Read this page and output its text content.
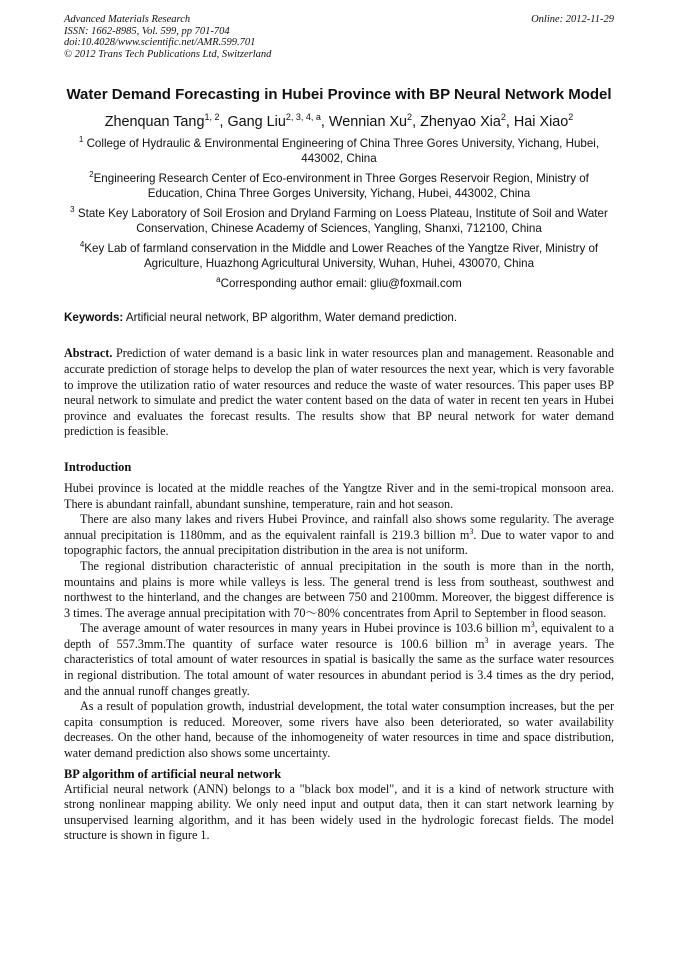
Advanced Materials Research	Online: 2012-11-29
ISSN: 1662-8985, Vol. 599, pp 701-704
doi:10.4028/www.scientific.net/AMR.599.701
© 2012 Trans Tech Publications Ltd, Switzerland
Water Demand Forecasting in Hubei Province with BP Neural Network Model
Zhenquan Tang$^{1, 2}$, Gang Liu$^{2, 3, 4, a}$, Wennian Xu$^2$, Zhenyao Xia$^2$, Hai Xiao$^2$
$^1$ College of Hydraulic & Environmental Engineering of China Three Gores University, Yichang, Hubei, 443002, China
$^2$Engineering Research Center of Eco-environment in Three Gorges Reservoir Region, Ministry of Education, China Three Gorges University, Yichang, Hubei, 443002, China
$^3$ State Key Laboratory of Soil Erosion and Dryland Farming on Loess Plateau, Institute of Soil and Water Conservation, Chinese Academy of Sciences, Yangling, Shanxi, 712100, China
$^4$Key Lab of farmland conservation in the Middle and Lower Reaches of the Yangtze River, Ministry of Agriculture, Huazhong Agricultural University, Wuhan, Huhei, 430070, China
$^a$Corresponding author email: gliu@foxmail.com
Keywords: Artificial neural network, BP algorithm, Water demand prediction.
Abstract. Prediction of water demand is a basic link in water resources plan and management. Reasonable and accurate prediction of storage helps to develop the plan of water resources the next year, which is very favorable to improve the utilization ratio of water resources and reduce the waste of water resources. This paper uses BP neural network to simulate and predict the water content based on the data of water in recent ten years in Hubei province and evaluates the forecast results. The results show that BP neural network for water demand prediction is feasible.
Introduction
Hubei province is located at the middle reaches of the Yangtze River and in the semi-tropical monsoon area. There is abundant rainfall, abundant sunshine, temperature, rain and hot season.
There are also many lakes and rivers Hubei Province, and rainfall also shows some regularity. The average annual precipitation is 1180mm, and as the equivalent rainfall is 219.3 billion $m^3$. Due to water vapor to and topographic factors, the annual precipitation distribution in the area is not uniform.
The regional distribution characteristic of annual precipitation in the south is more than in the north, mountains and plains is more while valleys is less. The general trend is less from southeast, southwest and northwest to the hinterland, and the changes are between 750 and 2100mm. Moreover, the biggest difference is 3 times. The average annual precipitation with 70～80% concentrates from April to September in flood season.
The average amount of water resources in many years in Hubei province is 103.6 billion $m^3$, equivalent to a depth of 557.3mm.The quantity of surface water resource is 100.6 billion $m^3$ in average years. The characteristics of total amount of water resources in spatial is basically the same as the surface water resources in regional distribution. The total amount of water resources in abundant period is 3.4 times as the dry period, and the annual runoff changes greatly.
As a result of population growth, industrial development, the total water consumption increases, but the per capita consumption is reduced. Moreover, some rivers have also been deteriorated, so water availability decreases. On the other hand, because of the inhomogeneity of water resources in time and space distribution, water demand prediction also shows some uncertainty.
BP algorithm of artificial neural network
Artificial neural network (ANN) belongs to a "black box model", and it is a kind of network structure with strong nonlinear mapping ability. We only need input and output data, then it can start network learning by unsupervised learning algorithm, and it has been widely used in the hydrologic forecast fields. The model structure is shown in figure 1.
